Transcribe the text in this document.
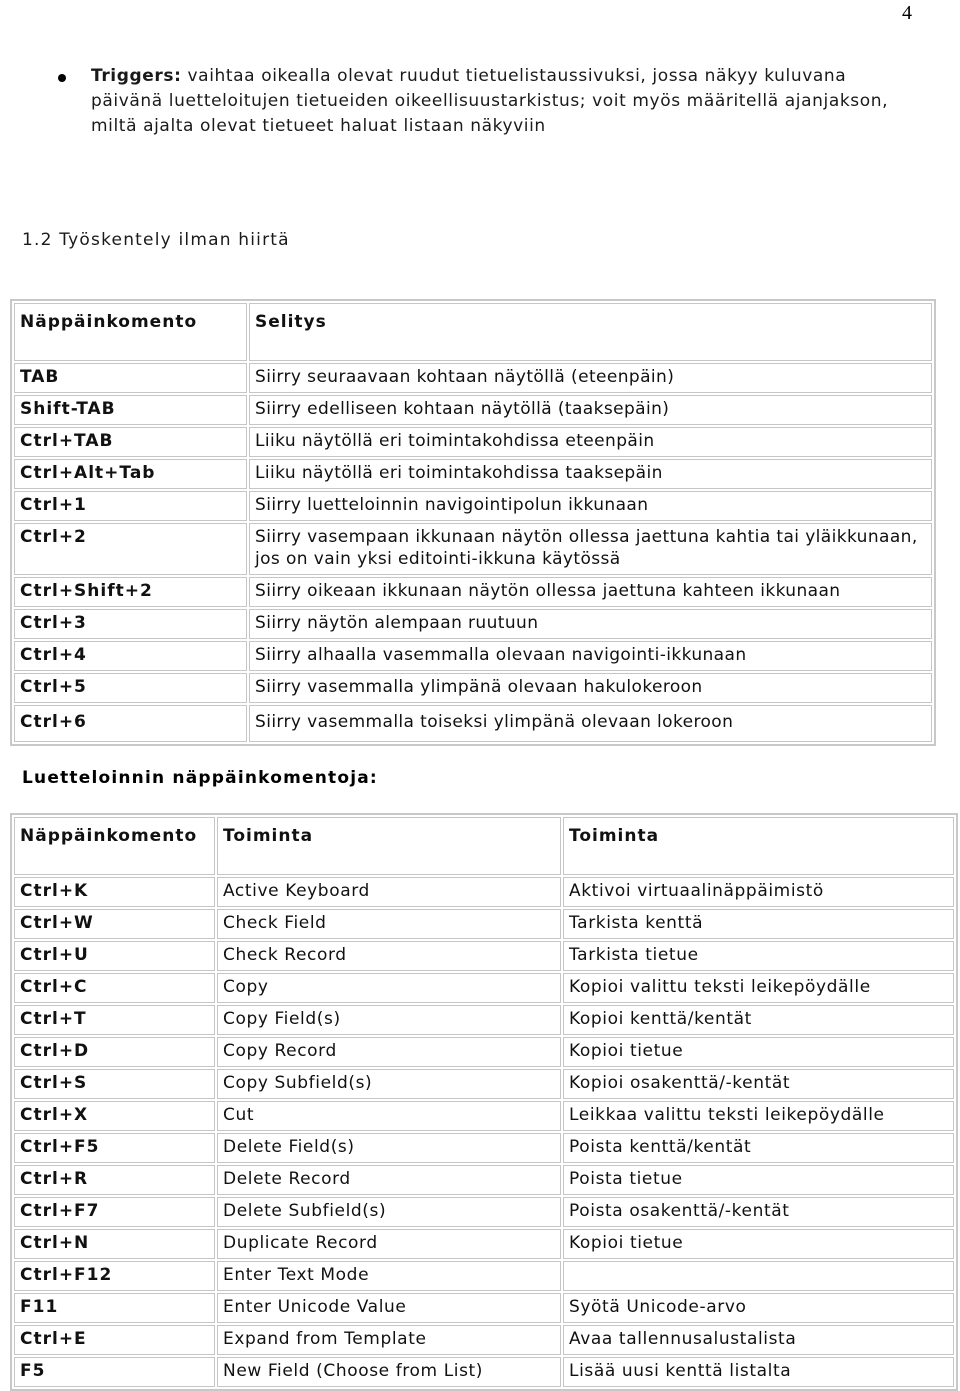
4
Triggers: vaihtaa oikealla olevat ruudut tietuelistaussivuksi, jossa näkyy kuluvana päivänä luetteloitujen tietueiden oikeellisuustarkistus; voit myös määritellä ajanjakson, miltä ajalta olevat tietueet haluat listaan näkyviin
1.2 Työskentely ilman hiirtä
Näppäinkomento	Selitys
TAB	Siirry seuraavaan kohtaan näytöllä (eteenpäin)
Shift-TAB	Siirry edelliseen kohtaan näytöllä (taaksepäin)
Ctrl+TAB	Liiku näytöllä eri toimintakohdissa eteenpäin
Ctrl+Alt+Tab	Liiku näytöllä eri toimintakohdissa taaksepäin
Ctrl+1	Siirry luetteloinnin navigointipolun ikkunaan
Ctrl+2	Siirry vasempaan ikkunaan näytön ollessa jaettuna kahtia tai yläikkunaan, jos on vain yksi editointi-ikkuna käytössä
Ctrl+Shift+2	Siirry oikeaan ikkunaan näytön ollessa jaettuna kahteen ikkunaan
Ctrl+3	Siirry näytön alempaan ruutuun
Ctrl+4	Siirry alhaalla vasemmalla olevaan navigointi-ikkunaan
Ctrl+5	Siirry vasemmalla ylimpänä olevaan hakulokeroon
Ctrl+6	Siirry vasemmalla toiseksi ylimpänä olevaan lokeroon
Luetteloinnin näppäinkomentoja:
Näppäinkomento	Toiminta	Toiminta
Ctrl+K	Active Keyboard	Aktivoi virtuaalinäppäimistö
Ctrl+W	Check Field	Tarkista kenttä
Ctrl+U	Check Record	Tarkista tietue
Ctrl+C	Copy	Kopioi valittu teksti leikepöydälle
Ctrl+T	Copy Field(s)	Kopioi kenttä/kentät
Ctrl+D	Copy Record	Kopioi tietue
Ctrl+S	Copy Subfield(s)	Kopioi osakenttä/-kentät
Ctrl+X	Cut	Leikkaa valittu teksti leikepöydälle
Ctrl+F5	Delete Field(s)	Poista kenttä/kentät
Ctrl+R	Delete Record	Poista tietue
Ctrl+F7	Delete Subfield(s)	Poista osakenttä/-kentät
Ctrl+N	Duplicate Record	Kopioi tietue
Ctrl+F12	Enter Text Mode	
F11	Enter Unicode Value	Syötä Unicode-arvo
Ctrl+E	Expand from Template	Avaa tallennusalustalista
F5	New Field (Choose from List)	Lisää uusi kenttä listalta
